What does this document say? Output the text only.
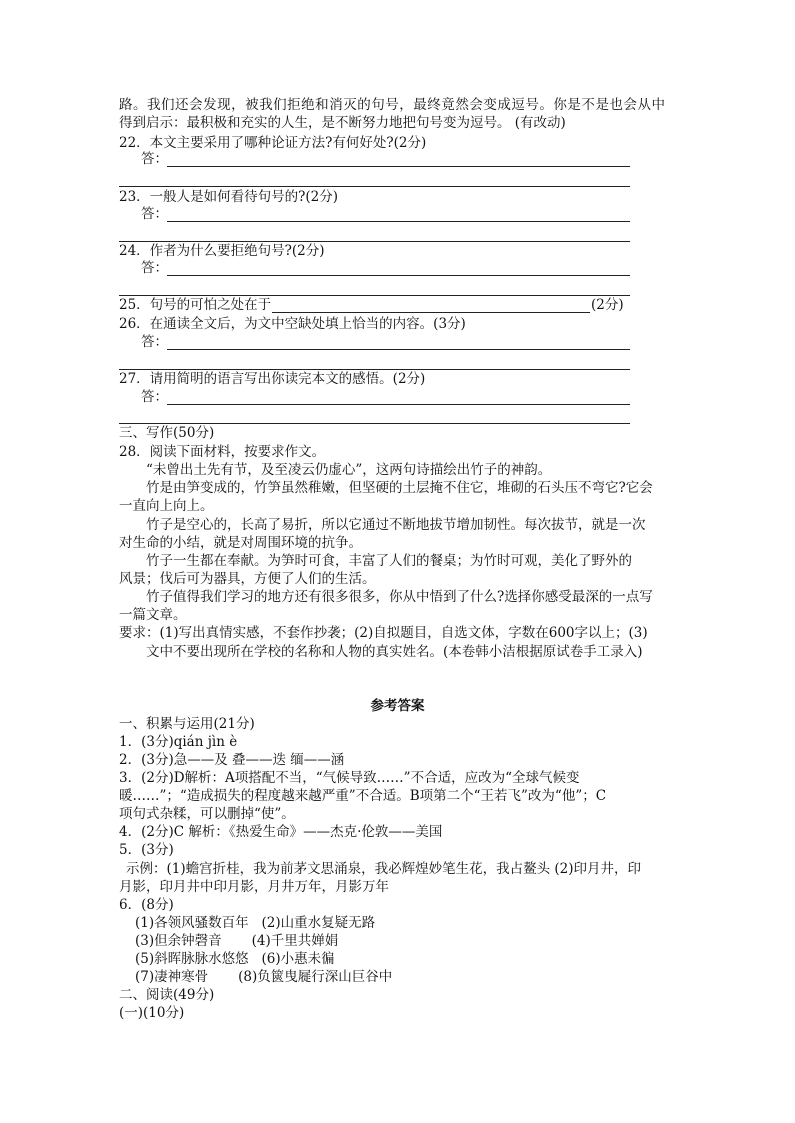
路。我们还会发现，被我们拒绝和消灭的句号，最终竟然会变成逗号。你是不是也会从中
得到启示：最积极和充实的人生，是不断努力地把句号变为逗号。 (有改动)
22．本文主要采用了哪种论证方法?有何好处?(2分)
答：
23．一般人是如何看待句号的?(2分)
答：
24．作者为什么要拒绝句号?(2分)
答：
25．句号的可怕之处在于	(2分)
26．在通读全文后，为文中空缺处填上恰当的内容。(3分)
答：
27．请用简明的语言写出你读完本文的感悟。(2分)
答：
三、写作(50分)
28．阅读下面材料，按要求作文。
“未曾出土先有节，及至凌云仍虚心”，这两句诗描绘出竹子的神韵。
竹是由笋变成的，竹笋虽然稚嫩，但坚硬的土层掩不住它，堆砌的石头压不弯它?它会
一直向上向上。
竹子是空心的，长高了易折，所以它通过不断地拔节增加韧性。每次拔节，就是一次
对生命的小结，就是对周围环境的抗争。
竹子一生都在奉献。为笋时可食，丰富了人们的餐桌；为竹时可观，美化了野外的
风景；伐后可为器具，方便了人们的生活。
竹子值得我们学习的地方还有很多很多，你从中悟到了什么?选择你感受最深的一点写
一篇文章。
要求：(1)写出真情实感，不套作抄袭；(2)自拟题目，自选文体，字数在600字以上；(3)
文中不要出现所在学校的名称和人物的真实姓名。(本卷韩小洁根据原试卷手工录入)
参考答案
一、积累与运用(21分)
1．(3分)qián jìn è
2．(3分)急——及 叠——迭 缅——涵
3．(2分)D解析：A项搭配不当，“气候导致……”不合适，应改为“全球气候变
暖……”；“造成损失的程度越来越严重”不合适。B项第二个“王若飞”改为“他”；C
项句式杂糅，可以删掉“使”。
4．(2分)C 解析：《热爱生命》——杰克·伦敦——美国
5．(3分)
示例：(1)蟾宫折桂，我为前茅文思涌泉，我必辉煌妙笔生花，我占鳌头 (2)印月井，印
月影，印月井中印月影，月井万年，月影万年
6．(8分)
(1)各领风骚数百年   (2)山重水复疑无路
(3)但余钟磬音       (4)千里共婵娟
(5)斜晖脉脉水悠悠   (6)小惠未徧
(7)凄神寒骨       (8)负篋曳屣行深山巨谷中
二、阅读(49分)
(一)(10分)
